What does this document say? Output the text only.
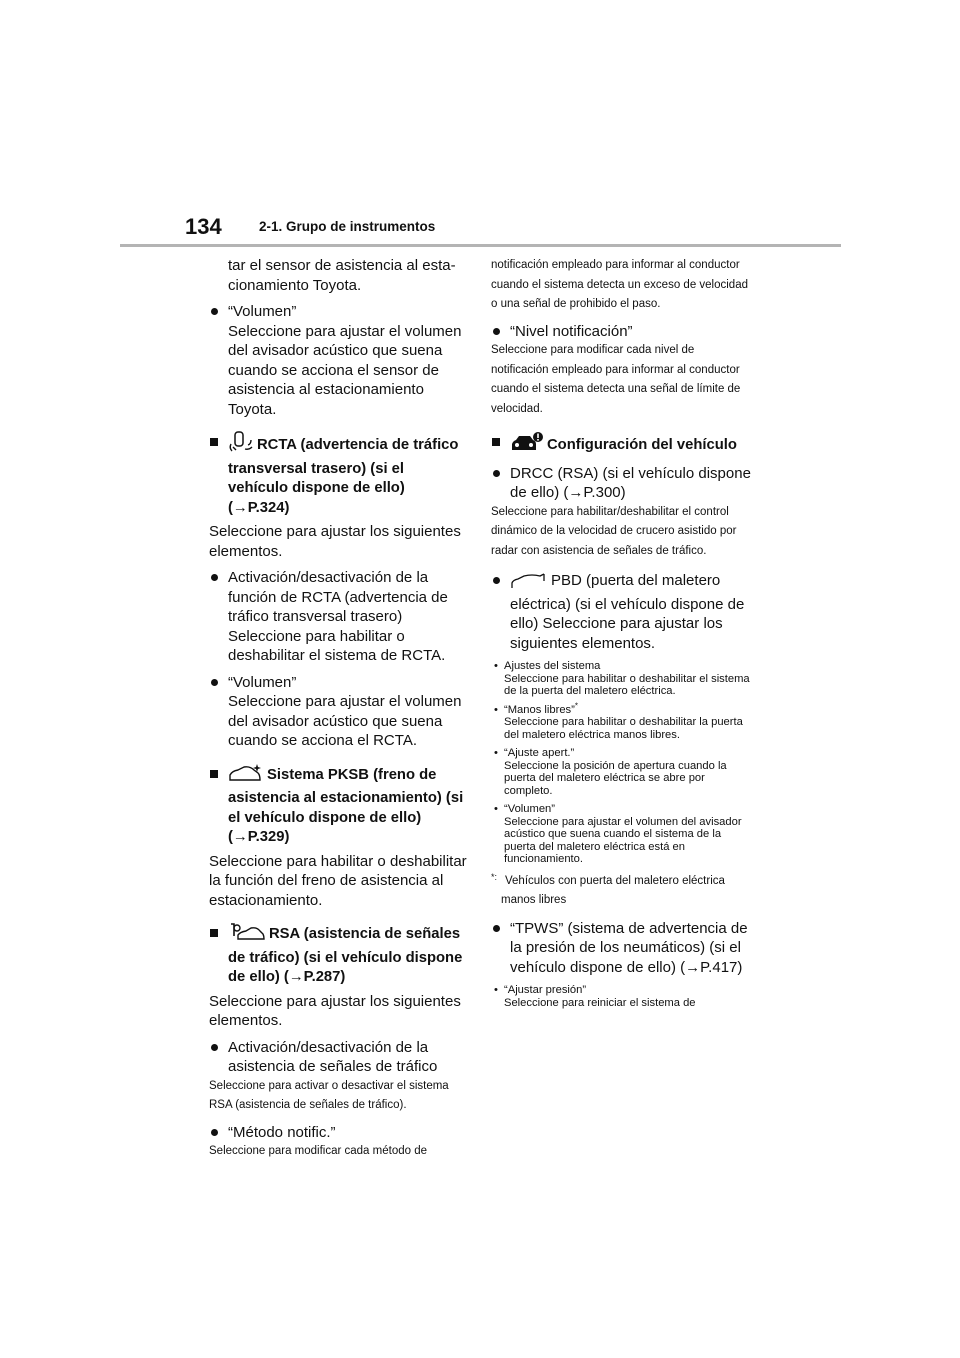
134	2-1. Grupo de instrumentos
tar el sensor de asistencia al esta-
cionamiento Toyota.
“Volumen”
Seleccione para ajustar el volumen del avisador acústico que suena cuando se acciona el sensor de asistencia al estacionamiento Toyota.
RCTA (advertencia de tráfico transversal trasero) (si el vehículo dispone de ello) (→P.324)
Seleccione para ajustar los siguientes elementos.
Activación/desactivación de la función de RCTA (advertencia de tráfico transversal trasero)
Seleccione para habilitar o deshabilitar el sistema de RCTA.
“Volumen”
Seleccione para ajustar el volumen del avisador acústico que suena cuando se acciona el RCTA.
Sistema PKSB (freno de asistencia al estacionamiento) (si el vehículo dispone de ello) (→P.329)
Seleccione para habilitar o deshabilitar la función del freno de asistencia al estacionamiento.
RSA (asistencia de señales de tráfico) (si el vehículo dispone de ello) (→P.287)
Seleccione para ajustar los siguientes elementos.
Activación/desactivación de la asistencia de señales de tráfico
Seleccione para activar o desactivar el sistema RSA (asistencia de señales de tráfico).
“Método notific.”
Seleccione para modificar cada método de
notificación empleado para informar al conductor cuando el sistema detecta un exceso de velocidad o una señal de prohibido el paso.
“Nivel notificación”
Seleccione para modificar cada nivel de notificación empleado para informar al conductor cuando el sistema detecta una señal de límite de velocidad.
Configuración del vehículo
DRCC (RSA) (si el vehículo dispone de ello) (→P.300)
Seleccione para habilitar/deshabilitar el control dinámico de la velocidad de crucero asistido por radar con asistencia de señales de tráfico.
PBD (puerta del maletero eléctrica) (si el vehículo dispone de ello) Seleccione para ajustar los siguientes elementos.
• Ajustes del sistema
Seleccione para habilitar o deshabilitar el sistema de la puerta del maletero eléctrica.
• “Manos libres”*
Seleccione para habilitar o deshabilitar la puerta del maletero eléctrica manos libres.
• “Ajuste apert.”
Seleccione la posición de apertura cuando la puerta del maletero eléctrica se abre por completo.
• “Volumen”
Seleccione para ajustar el volumen del avisador acústico que suena cuando el sistema de la puerta del maletero eléctrica está en funcionamiento.
*: Vehículos con puerta del maletero eléctrica manos libres
“TPWS” (sistema de advertencia de la presión de los neumáticos) (si el vehículo dispone de ello) (→P.417)
• “Ajustar presión”
Seleccione para reiniciar el sistema de
